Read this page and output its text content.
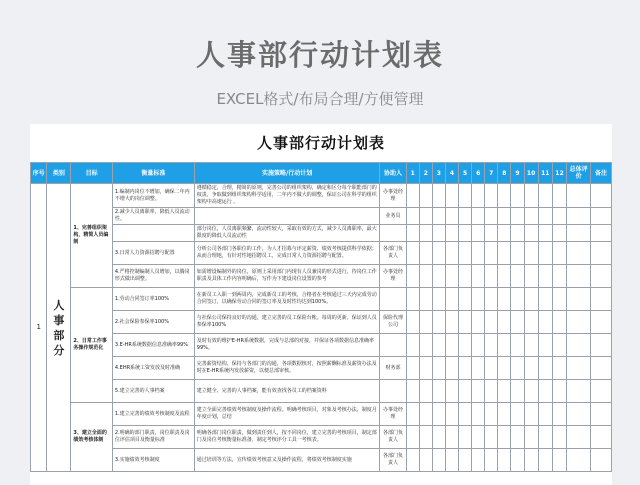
人事部行动计划表
EXCEL格式/布局合理/方便管理
人事部行动计划表
序号	类别	目标	衡量标准	实施策略/行动计划	协助人	1	2	3	4	5	6	7	8	9	10	11	12	总体评价	备注
1	人事部分	1、完善组织架构，精简人员编制	1.编制内岗位不增加，确保二年内不增大的岗位调整。	遵循稳定，合理，精简的原则，完善公司的组织架构，确定和区分每个职能部门的权责，争取做到组织架构科学适用，二年内不做大的调整，保证公司在科学的组织架构中高速运行 。	办事处经理														
			2.减少人员离职率，降低人员流动性。		业务员														
				部分岗位，人员离职频繁，流动性较大，采取有效的方式，减少人员离职率，最大限度的降低人员流动性															
			3.日常人力资源招聘与配置	分析公司各部门各职位的工作，为人才招募与评定薪资、绩效考核提供科学依据；从而合理地，有针对性地招聘员工，完成日常人力资源招聘与配置。	各部门负责人														
			4.严格控制编制人员增加，以腾岗形式做出调整。	如需增设编制外的岗位，原则上采用部门内现有人员兼岗的形式进行，待岗位工作职责及具体工作内容明确后，写作为下建设岗位设置的参考	办事处经理														
		2、日常工作事务操作规范化	1.劳动合同签订率100%	在新员工入职一到两周内，完成新员工的考核，合格者在考核通过三天内完成劳动合同签订，以确保劳动合同的签订率及及时性均达到100%。															
			2.社会保险参保率100%	与社保公司保持良好的沟通，建立完善的员工保险台帐。每周的更新，保证到人员参保率100%	保险代理公司														
			3.E-HR系统数据信息准确率99%	及时有效的维护E-HR系统数据，完成与总部的对接，并保证各项数据信息准确率99%。															
			4.EHR系统工资发放及时准确	完善薪资结构，保持与各部门的沟通，各项数据核对，按照薪酬标准及薪资办法及时在E-HR系统内发放薪资，以便总部审核。	财务部														
			5.建立完善的人事档案	建立健全、完善的人事档案，能有效查找各员工的档案资料															
		3、建立全面的绩效考核体制	1.建立完善的绩效考核制度及流程	建立全面完善绩效考核制度及操作流程。明确考核项目，对象及考核办法，制度月年度计划，总结	办事处经理														
			2.明确的部门职责，岗位职责及岗位评估项目及衡量标准	明确各部门岗位职责，做到责任到人，按不同岗位，建立完善的考核项目，制定部门及岗位考核衡量标准备，制定考核评分工具一考核表。	各部门负责人														
			3.实施绩效考核制度	通过培训等方法，宣传绩效考核意义及操作流程，将绩效考核制度实施	各部门负责人														
